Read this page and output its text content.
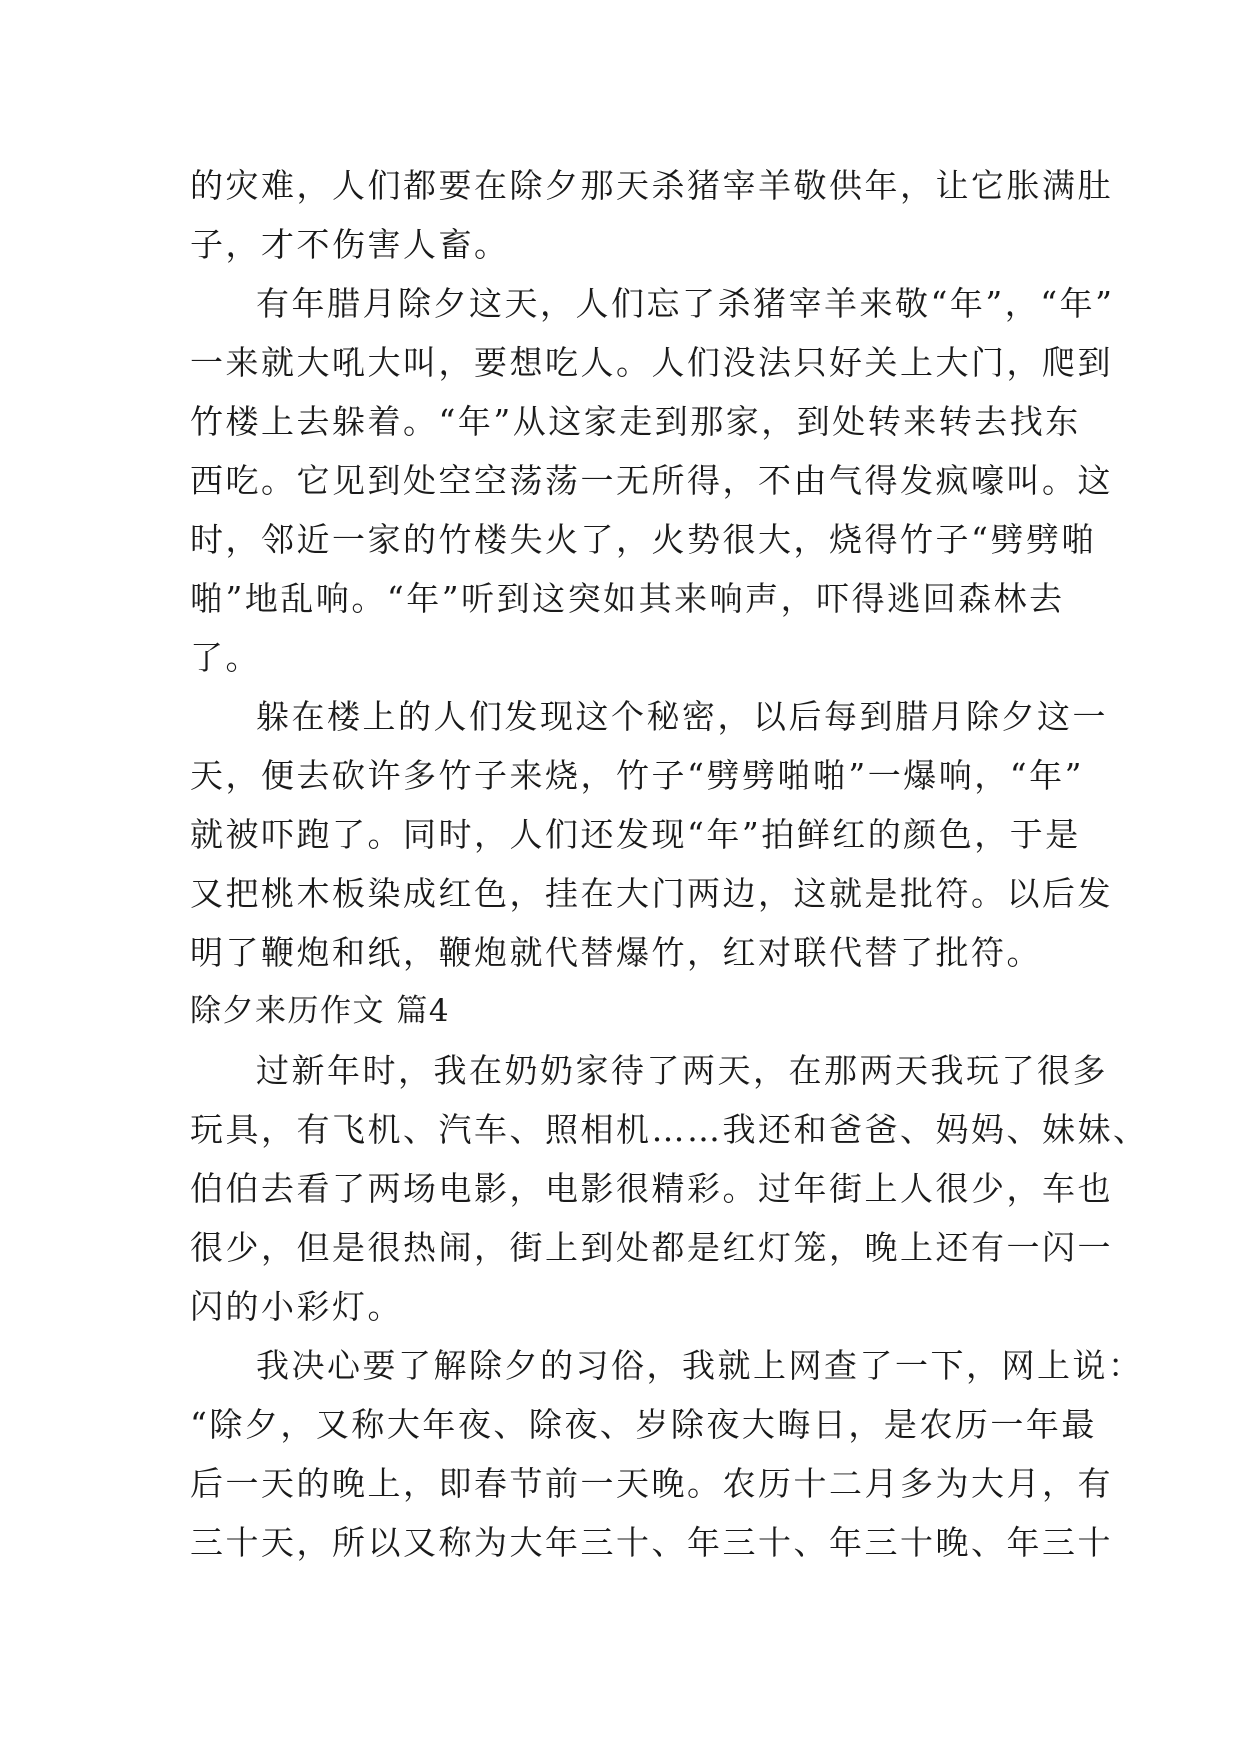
的灾难，人们都要在除夕那天杀猪宰羊敬供年，让它胀满肚
子，才不伤害人畜。
有年腊月除夕这天，人们忘了杀猪宰羊来敬“年”，“年”
一来就大吼大叫，要想吃人。人们没法只好关上大门，爬到
竹楼上去躲着。“年”从这家走到那家，到处转来转去找东
西吃。它见到处空空荡荡一无所得，不由气得发疯嚎叫。这
时，邻近一家的竹楼失火了，火势很大，烧得竹子“劈劈啪
啪”地乱响。“年”听到这突如其来响声，吓得逃回森林去
了。
躲在楼上的人们发现这个秘密，以后每到腊月除夕这一
天，便去砍许多竹子来烧，竹子“劈劈啪啪”一爆响，“年”
就被吓跑了。同时，人们还发现“年”拍鲜红的颜色，于是
又把桃木板染成红色，挂在大门两边，这就是批符。以后发
明了鞭炮和纸，鞭炮就代替爆竹，红对联代替了批符。
除夕来历作文 篇4
过新年时，我在奶奶家待了两天，在那两天我玩了很多
玩具，有飞机、汽车、照相机……我还和爸爸、妈妈、妹妹、
伯伯去看了两场电影，电影很精彩。过年街上人很少，车也
很少，但是很热闹，街上到处都是红灯笼，晚上还有一闪一
闪的小彩灯。
我决心要了解除夕的习俗，我就上网查了一下，网上说：
“除夕，又称大年夜、除夜、岁除夜大晦日，是农历一年最
后一天的晚上，即春节前一天晚。农历十二月多为大月，有
三十天，所以又称为大年三十、年三十、年三十晚、年三十
